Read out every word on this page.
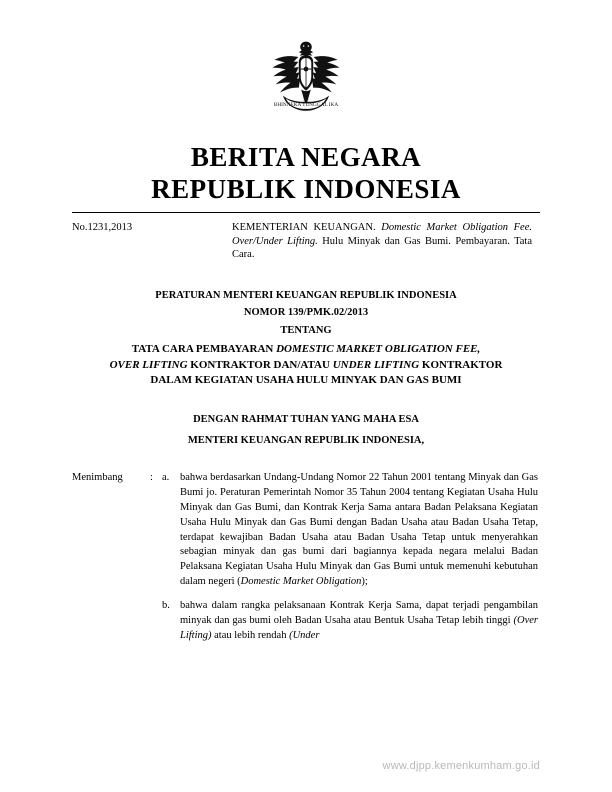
BHINNEKA TUNGGAL IKA
BERITA NEGARA
REPUBLIK INDONESIA
No.1231,2013	KEMENTERIAN KEUANGAN. Domestic Market Obligation Fee. Over/Under Lifting. Hulu Minyak dan Gas Bumi. Pembayaran. Tata Cara.
PERATURAN MENTERI KEUANGAN REPUBLIK INDONESIA
NOMOR 139/PMK.02/2013
TENTANG
TATA CARA PEMBAYARAN DOMESTIC MARKET OBLIGATION FEE,
OVER LIFTING KONTRAKTOR DAN/ATAU UNDER LIFTING KONTRAKTOR
DALAM KEGIATAN USAHA HULU MINYAK DAN GAS BUMI
DENGAN RAHMAT TUHAN YANG MAHA ESA
MENTERI KEUANGAN REPUBLIK INDONESIA,
Menimbang	: a.	bahwa berdasarkan Undang-Undang Nomor 22 Tahun 2001 tentang Minyak dan Gas Bumi jo. Peraturan Pemerintah Nomor 35 Tahun 2004 tentang Kegiatan Usaha Hulu Minyak dan Gas Bumi, dan Kontrak Kerja Sama antara Badan Pelaksana Kegiatan Usaha Hulu Minyak dan Gas Bumi dengan Badan Usaha atau Badan Usaha Tetap, terdapat kewajiban Badan Usaha atau Badan Usaha Tetap untuk menyerahkan sebagian minyak dan gas bumi dari bagiannya kepada negara melalui Badan Pelaksana Kegiatan Usaha Hulu Minyak dan Gas Bumi untuk memenuhi kebutuhan dalam negeri (Domestic Market Obligation);

b. bahwa dalam rangka pelaksanaan Kontrak Kerja Sama, dapat terjadi pengambilan minyak dan gas bumi oleh Badan Usaha atau Bentuk Usaha Tetap lebih tinggi (Over Lifting) atau lebih rendah (Under
www.djpp.kemenkumham.go.id
